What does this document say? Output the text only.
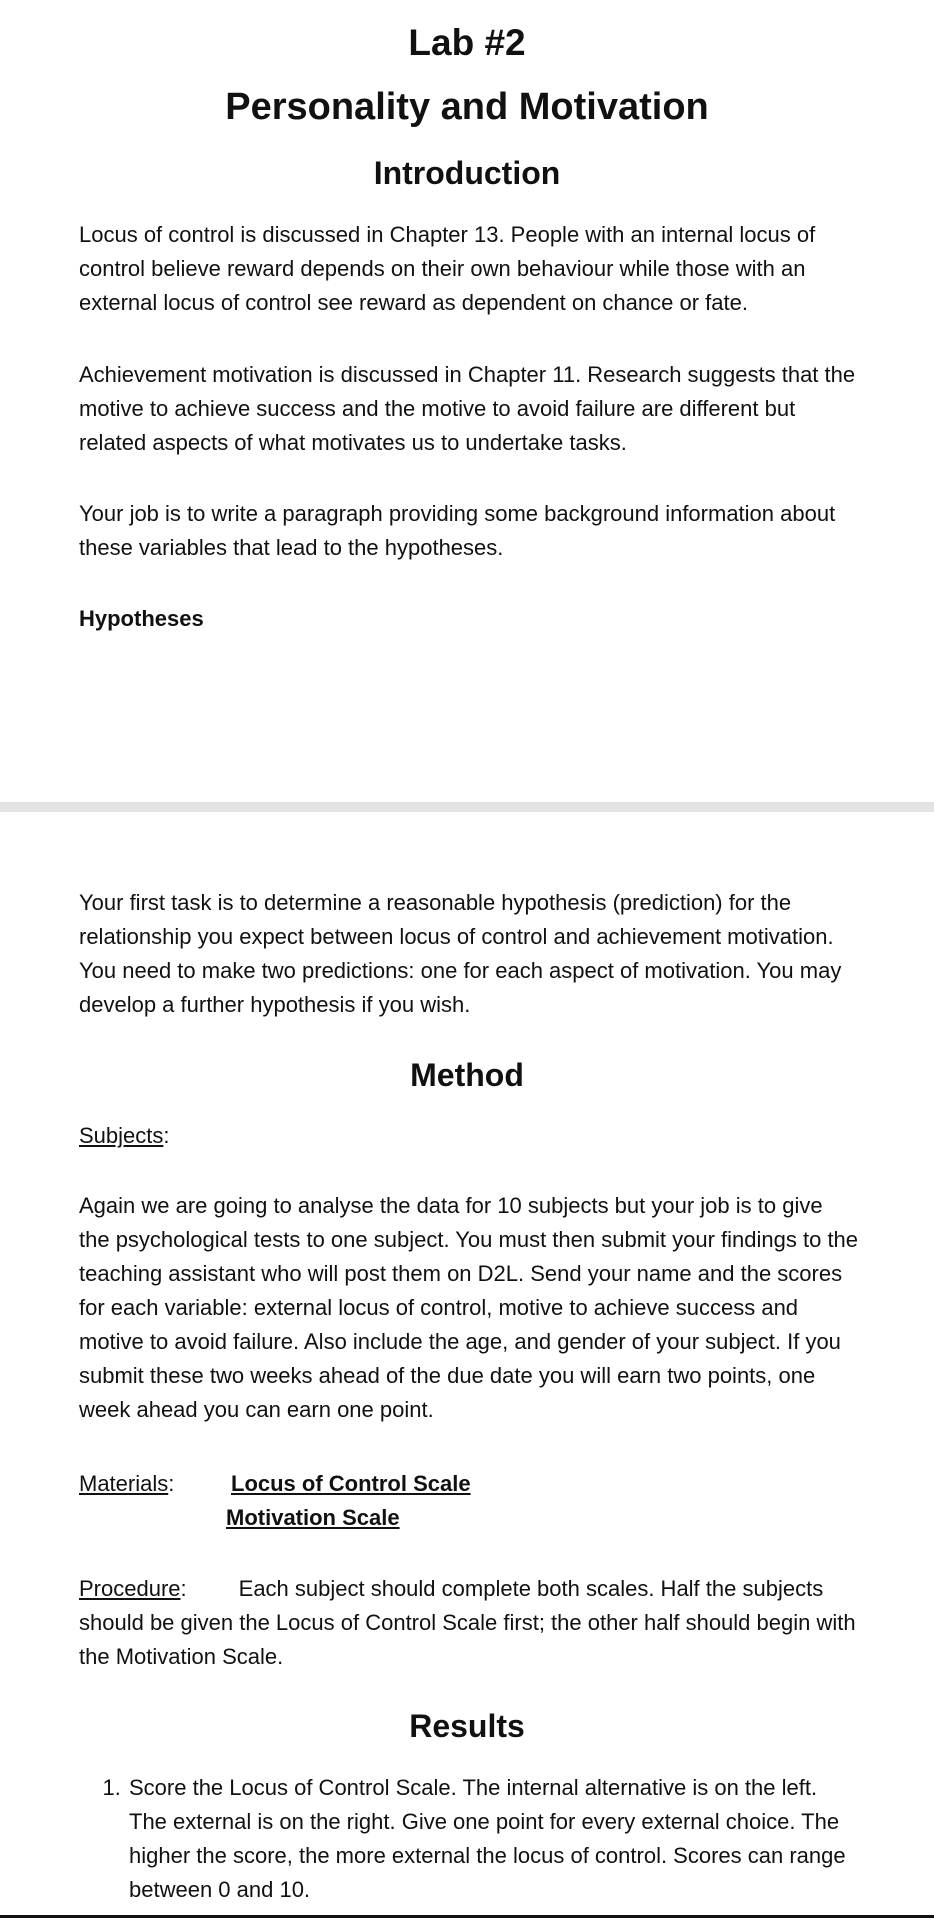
Lab #2
Personality and Motivation
Introduction

Locus of control is discussed in Chapter 13. People with an internal locus of control believe reward depends on their own behaviour while those with an external locus of control see reward as dependent on chance or fate.

Achievement motivation is discussed in Chapter 11. Research suggests that the motive to achieve success and the motive to avoid failure are different but related aspects of what motivates us to undertake tasks.

Your job is to write a paragraph providing some background information about these variables that lead to the hypotheses.

Hypotheses

Your first task is to determine a reasonable hypothesis (prediction) for the relationship you expect between locus of control and achievement motivation. You need to make two predictions: one for each aspect of motivation. You may develop a further hypothesis if you wish.

Method

Subjects:

Again we are going to analyse the data for 10 subjects but your job is to give the psychological tests to one subject. You must then submit your findings to the teaching assistant who will post them on D2L. Send your name and the scores for each variable: external locus of control, motive to achieve success and motive to avoid failure. Also include the age, and gender of your subject. If you submit these two weeks ahead of the due date you will earn two points, one week ahead you can earn one point.

Materials:	Locus of Control Scale
Motivation Scale

Procedure: Each subject should complete both scales. Half the subjects should be given the Locus of Control Scale first; the other half should begin with the Motivation Scale.

Results
1. Score the Locus of Control Scale. The internal alternative is on the left. The external is on the right. Give one point for every external choice. The higher the score, the more external the locus of control. Scores can range between 0 and 10.
